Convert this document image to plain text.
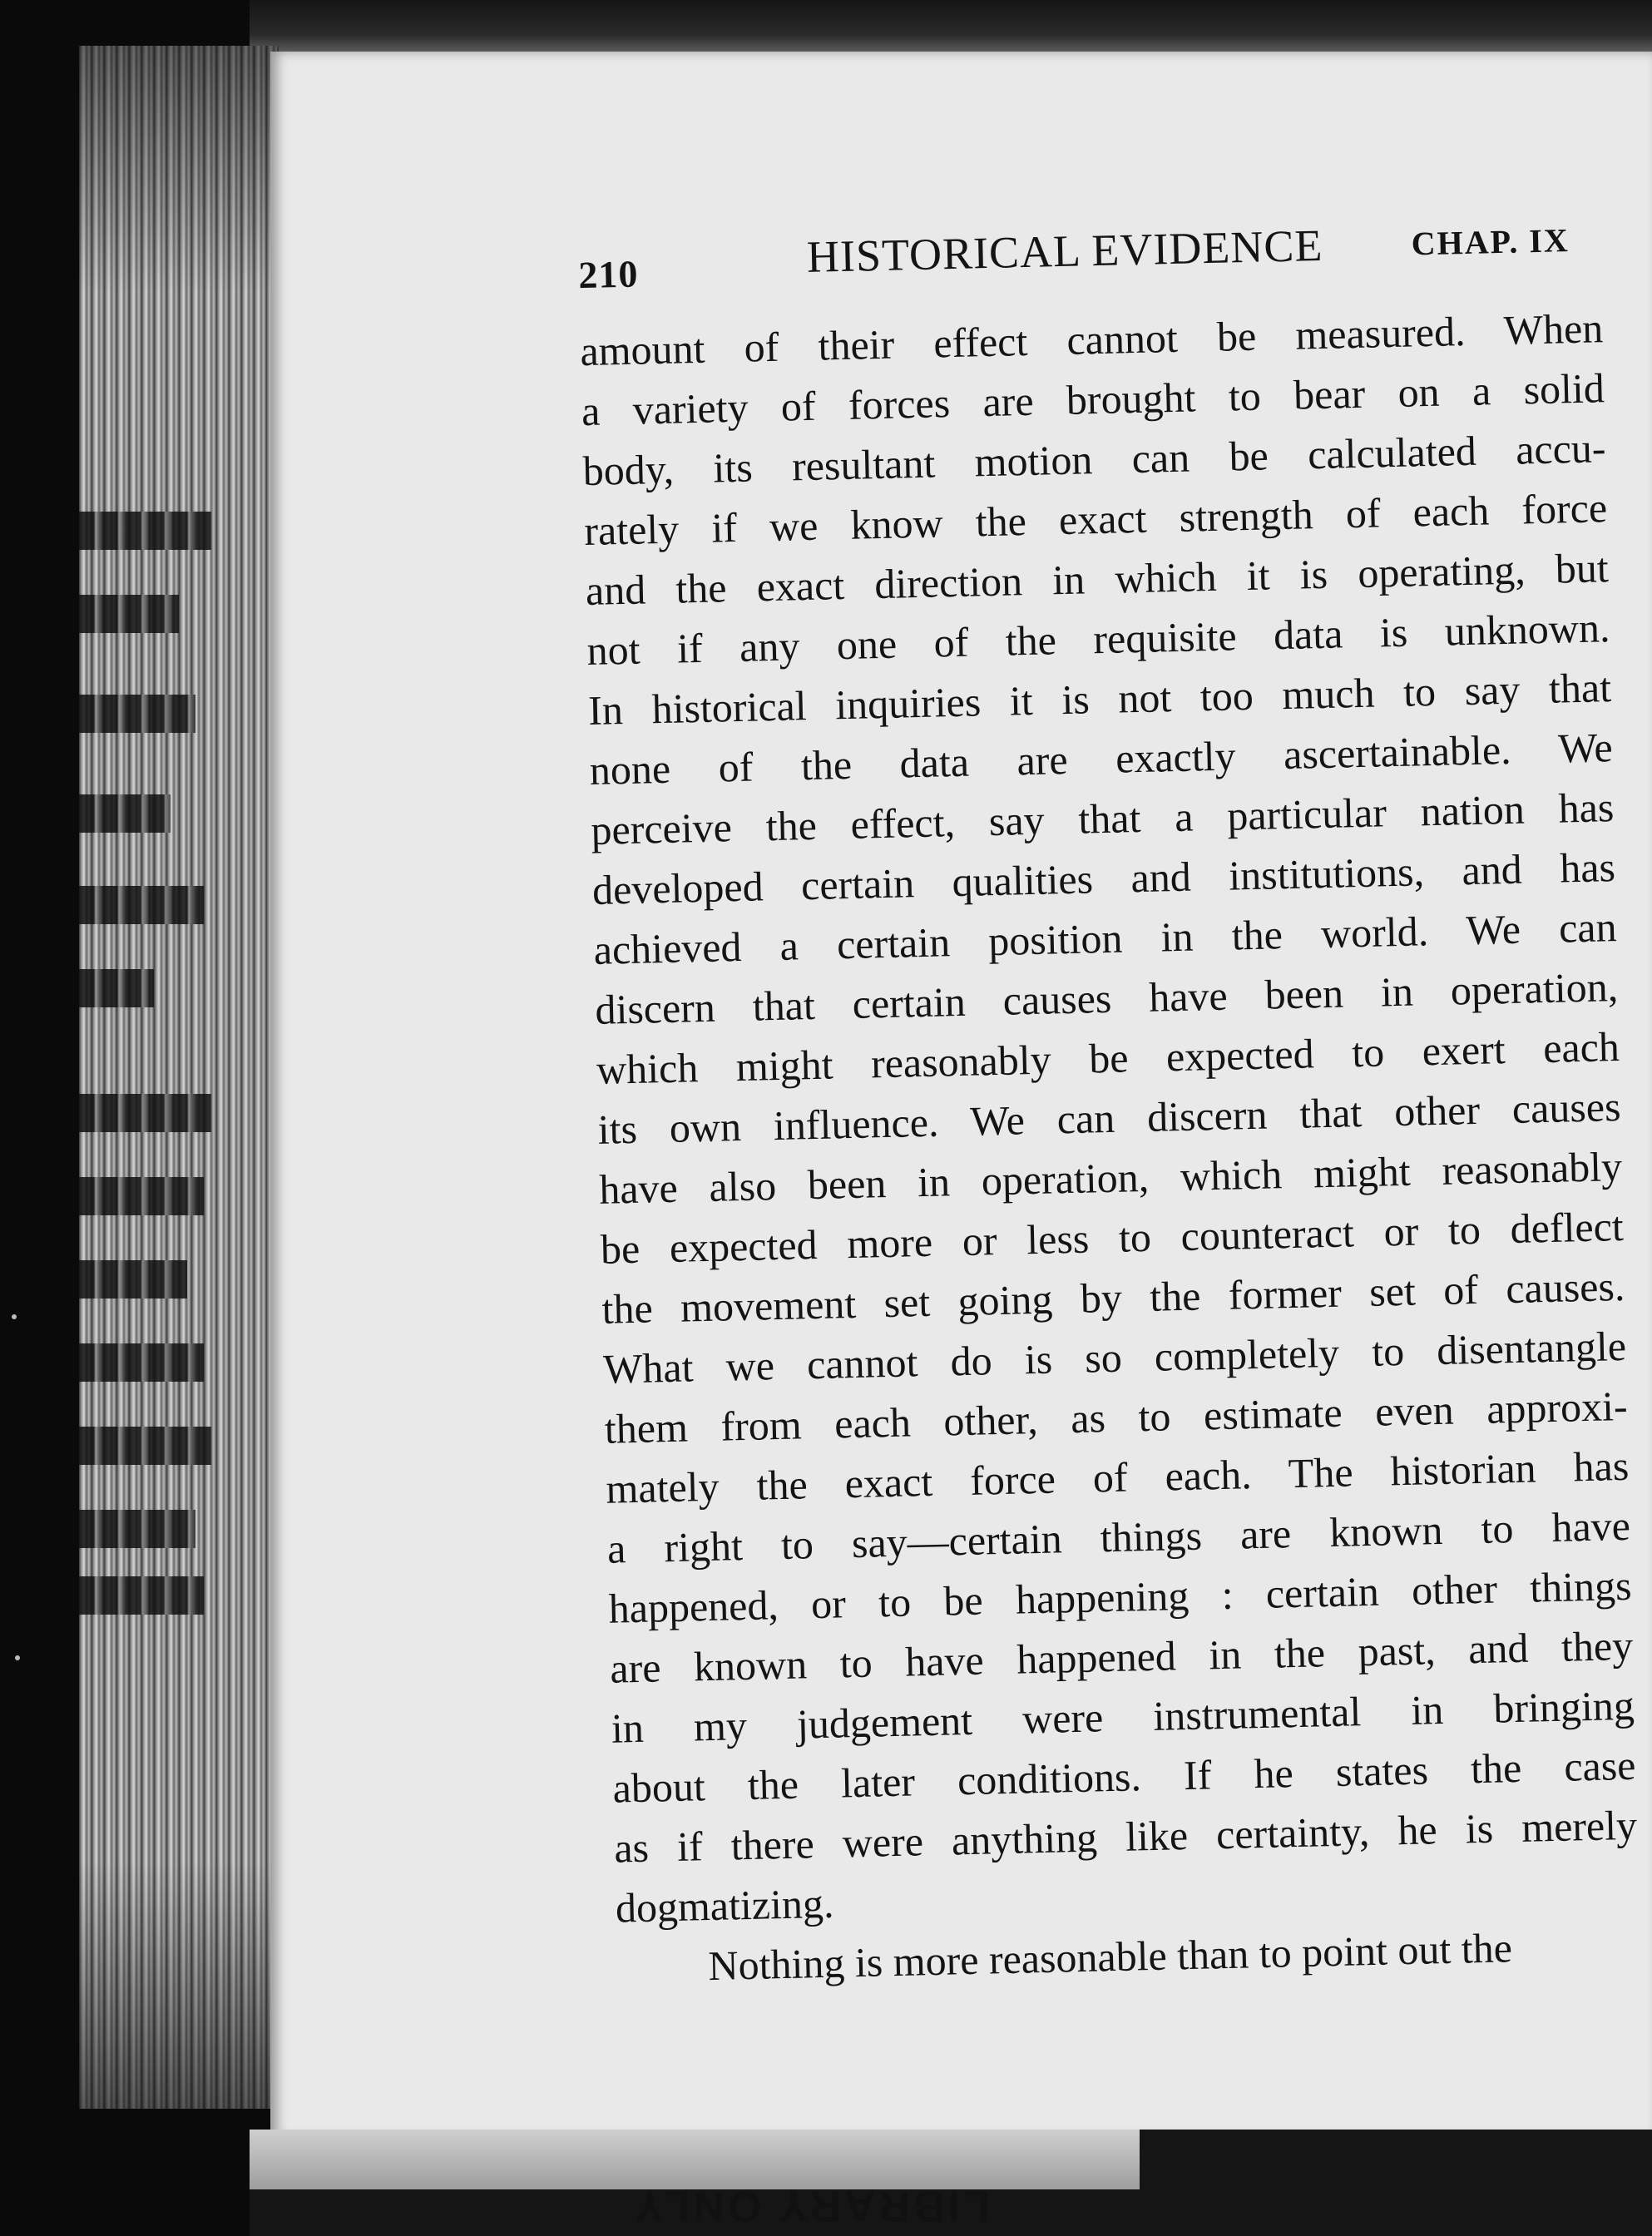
LIBRARY ONLY
210	HISTORICAL EVIDENCE	CHAP. IX
amount of their effect cannot be measured. When
a variety of forces are brought to bear on a solid
body, its resultant motion can be calculated accu-
rately if we know the exact strength of each force
and the exact direction in which it is operating, but
not if any one of the requisite data is unknown.
In historical inquiries it is not too much to say that
none of the data are exactly ascertainable. We
perceive the effect, say that a particular nation has
developed certain qualities and institutions, and has
achieved a certain position in the world. We can
discern that certain causes have been in operation,
which might reasonably be expected to exert each
its own influence. We can discern that other causes
have also been in operation, which might reasonably
be expected more or less to counteract or to deflect
the movement set going by the former set of causes.
What we cannot do is so completely to disentangle
them from each other, as to estimate even approxi-
mately the exact force of each. The historian has
a right to say—certain things are known to have
happened, or to be happening : certain other things
are known to have happened in the past, and they
in my judgement were instrumental in bringing
about the later conditions. If he states the case
as if there were anything like certainty, he is merely
dogmatizing.
Nothing is more reasonable than to point out the
